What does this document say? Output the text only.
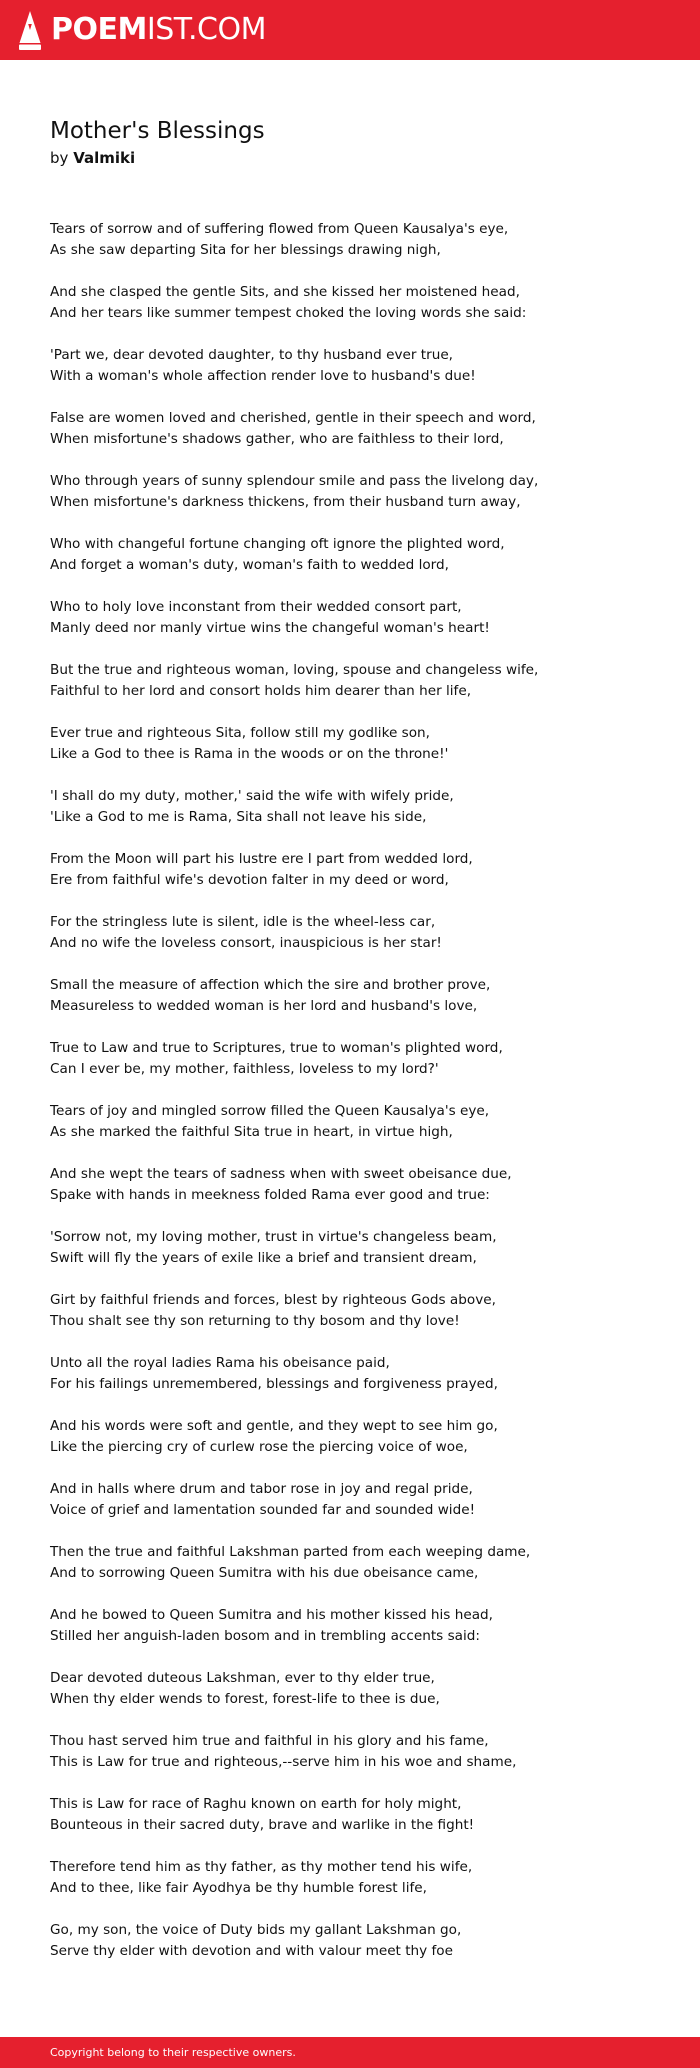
POEMIST.COM
Mother's Blessings
by Valmiki
Tears of sorrow and of suffering flowed from Queen Kausalya's eye,
As she saw departing Sita for her blessings drawing nigh,
And she clasped the gentle Sits, and she kissed her moistened head,
And her tears like summer tempest choked the loving words she said:
'Part we, dear devoted daughter, to thy husband ever true,
With a woman's whole affection render love to husband's due!
False are women loved and cherished, gentle in their speech and word,
When misfortune's shadows gather, who are faithless to their lord,
Who through years of sunny splendour smile and pass the livelong day,
When misfortune's darkness thickens, from their husband turn away,
Who with changeful fortune changing oft ignore the plighted word,
And forget a woman's duty, woman's faith to wedded lord,
Who to holy love inconstant from their wedded consort part,
Manly deed nor manly virtue wins the changeful woman's heart!
But the true and righteous woman, loving, spouse and changeless wife,
Faithful to her lord and consort holds him dearer than her life,
Ever true and righteous Sita, follow still my godlike son,
Like a God to thee is Rama in the woods or on the throne!'
'I shall do my duty, mother,' said the wife with wifely pride,
'Like a God to me is Rama, Sita shall not leave his side,
From the Moon will part his lustre ere I part from wedded lord,
Ere from faithful wife's devotion falter in my deed or word,
For the stringless lute is silent, idle is the wheel-less car,
And no wife the loveless consort, inauspicious is her star!
Small the measure of affection which the sire and brother prove,
Measureless to wedded woman is her lord and husband's love,
True to Law and true to Scriptures, true to woman's plighted word,
Can I ever be, my mother, faithless, loveless to my lord?'
Tears of joy and mingled sorrow filled the Queen Kausalya's eye,
As she marked the faithful Sita true in heart, in virtue high,
And she wept the tears of sadness when with sweet obeisance due,
Spake with hands in meekness folded Rama ever good and true:
'Sorrow not, my loving mother, trust in virtue's changeless beam,
Swift will fly the years of exile like a brief and transient dream,
Girt by faithful friends and forces, blest by righteous Gods above,
Thou shalt see thy son returning to thy bosom and thy love!
Unto all the royal ladies Rama his obeisance paid,
For his failings unremembered, blessings and forgiveness prayed,
And his words were soft and gentle, and they wept to see him go,
Like the piercing cry of curlew rose the piercing voice of woe,
And in halls where drum and tabor rose in joy and regal pride,
Voice of grief and lamentation sounded far and sounded wide!
Then the true and faithful Lakshman parted from each weeping dame,
And to sorrowing Queen Sumitra with his due obeisance came,
And he bowed to Queen Sumitra and his mother kissed his head,
Stilled her anguish-laden bosom and in trembling accents said:
Dear devoted duteous Lakshman, ever to thy elder true,
When thy elder wends to forest, forest-life to thee is due,
Thou hast served him true and faithful in his glory and his fame,
This is Law for true and righteous,--serve him in his woe and shame,
This is Law for race of Raghu known on earth for holy might,
Bounteous in their sacred duty, brave and warlike in the fight!
Therefore tend him as thy father, as thy mother tend his wife,
And to thee, like fair Ayodhya be thy humble forest life,
Go, my son, the voice of Duty bids my gallant Lakshman go,
Serve thy elder with devotion and with valour meet thy foe
Copyright belong to their respective owners.
